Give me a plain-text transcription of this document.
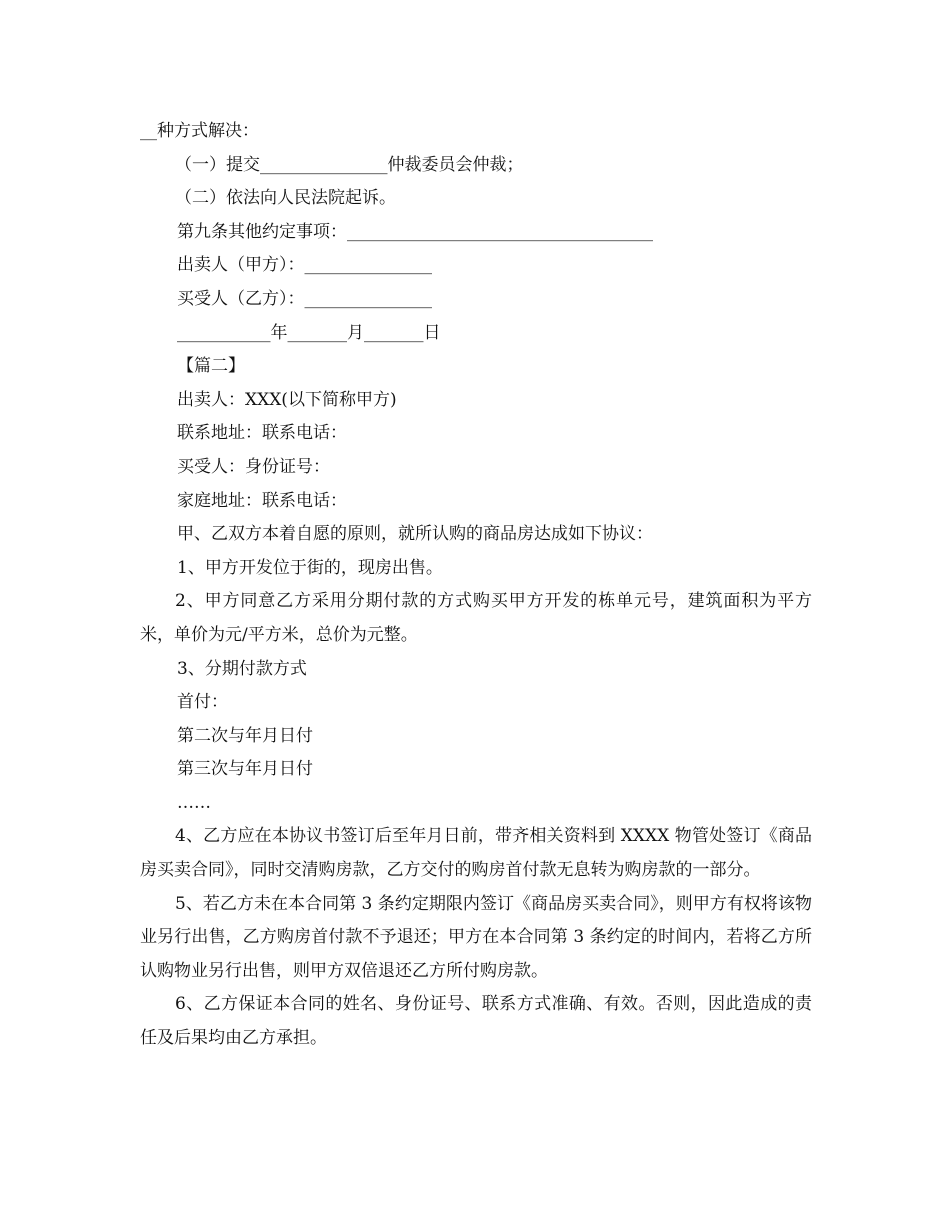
__种方式解决：
（一）提交_______________仲裁委员会仲裁；
（二）依法向人民法院起诉。
第九条其他约定事项：____________________________________
出卖人（甲方）：_______________
买受人（乙方）：_______________
___________年_______月_______日
【篇二】
出卖人：XXX(以下简称甲方)
联系地址：联系电话：
买受人：身份证号：
家庭地址：联系电话：
甲、乙双方本着自愿的原则，就所认购的商品房达成如下协议：
1、甲方开发位于街的，现房出售。
2、甲方同意乙方采用分期付款的方式购买甲方开发的栋单元号，建筑面积为平方米，单价为元/平方米，总价为元整。
3、分期付款方式
首付：
第二次与年月日付
第三次与年月日付
……
4、乙方应在本协议书签订后至年月日前，带齐相关资料到 XXXX 物管处签订《商品房买卖合同》，同时交清购房款，乙方交付的购房首付款无息转为购房款的一部分。
5、若乙方未在本合同第 3 条约定期限内签订《商品房买卖合同》，则甲方有权将该物业另行出售，乙方购房首付款不予退还；甲方在本合同第 3 条约定的时间内，若将乙方所认购物业另行出售，则甲方双倍退还乙方所付购房款。
6、乙方保证本合同的姓名、身份证号、联系方式准确、有效。否则，因此造成的责任及后果均由乙方承担。
